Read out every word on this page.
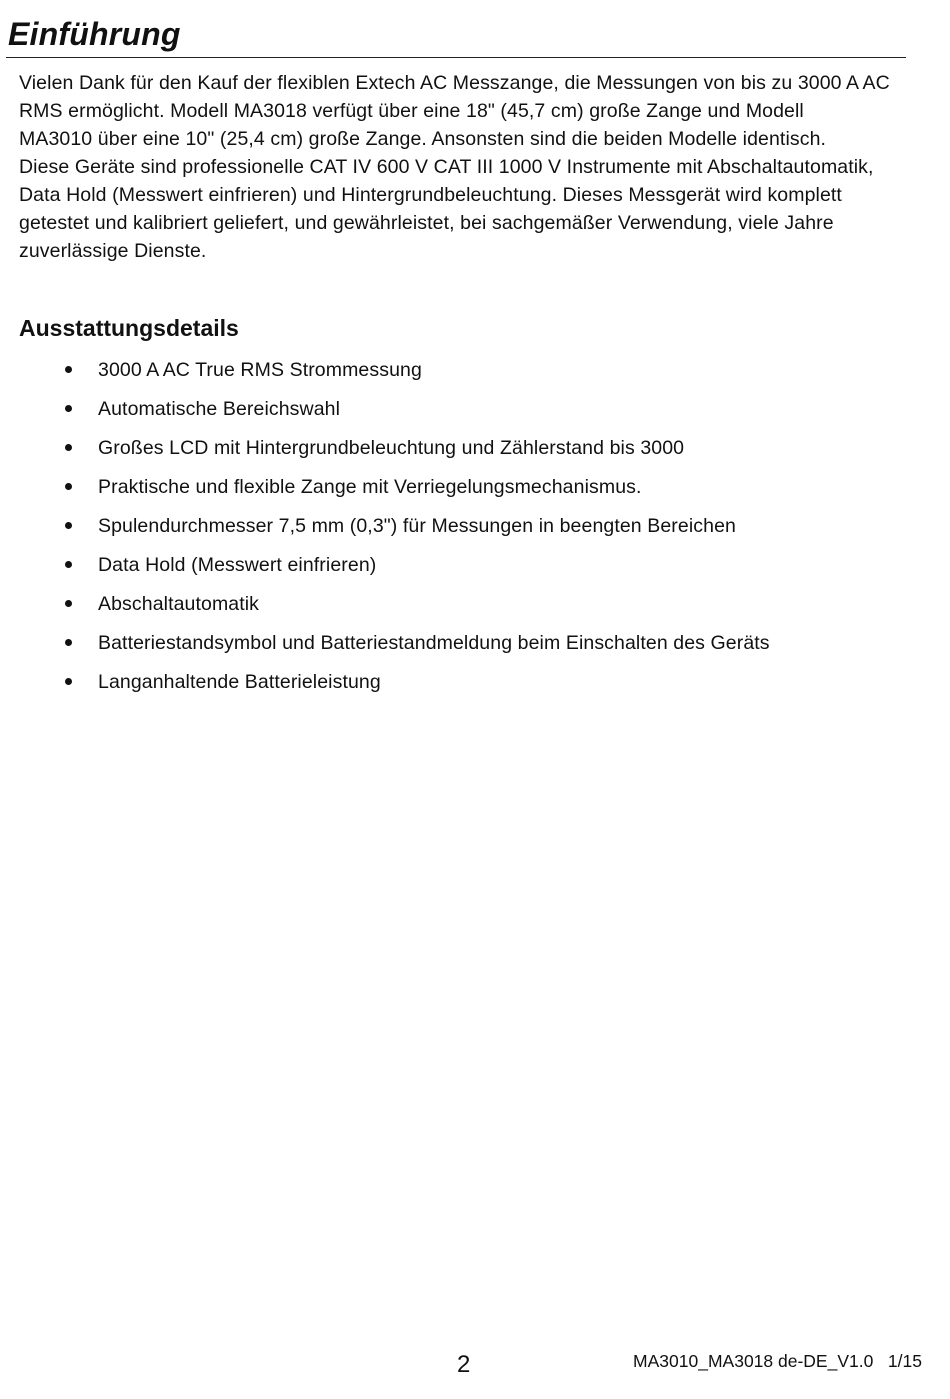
Einführung

Vielen Dank für den Kauf der flexiblen Extech AC Messzange, die Messungen von bis zu 3000 A AC
RMS ermöglicht. Modell MA3018 verfügt über eine 18" (45,7 cm) große Zange und Modell
MA3010 über eine 10" (25,4 cm) große Zange. Ansonsten sind die beiden Modelle identisch.
Diese Geräte sind professionelle CAT IV 600 V CAT III 1000 V Instrumente mit Abschaltautomatik,
Data Hold (Messwert einfrieren) und Hintergrundbeleuchtung. Dieses Messgerät wird komplett
getestet und kalibriert geliefert, und gewährleistet, bei sachgemäßer Verwendung, viele Jahre
zuverlässige Dienste.

Ausstattungsdetails
3000 A AC True RMS Strommessung
Automatische Bereichswahl
Großes LCD mit Hintergrundbeleuchtung und Zählerstand bis 3000
Praktische und flexible Zange mit Verriegelungsmechanismus.
Spulendurchmesser 7,5 mm (0,3") für Messungen in beengten Bereichen
Data Hold (Messwert einfrieren)
Abschaltautomatik
Batteriestandsymbol und Batteriestandmeldung beim Einschalten des Geräts
Langanhaltende Batterieleistung
2	MA3010_MA3018 de-DE_V1.0   1/15
